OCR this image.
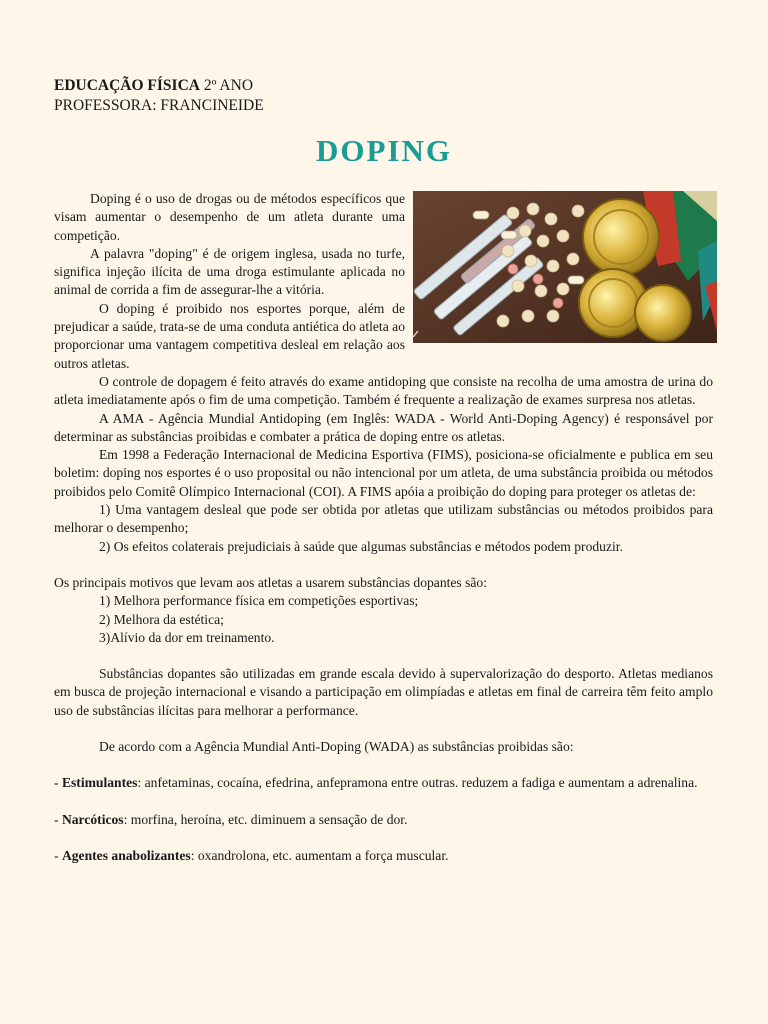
EDUCAÇÃO FÍSICA 2º ANO
PROFESSORA: FRANCINEIDE
DOPING

Doping é o uso de drogas ou de métodos específicos que visam aumentar o desempenho de um atleta durante uma competição.

A palavra "doping" é de origem inglesa, usada no turfe, significa injeção ilícita de uma droga estimulante aplicada no animal de corrida a fim de assegurar-lhe a vitória.

O doping é proibido nos esportes porque, além de prejudicar a saúde, trata-se de uma conduta antiética do atleta ao proporcionar uma vantagem competitiva desleal em relação aos outros atletas.

O controle de dopagem é feito através do exame antidoping que consiste na recolha de uma amostra de urina do atleta imediatamente após o fim de uma competição. Também é frequente a realização de exames surpresa nos atletas.

A AMA - Agência Mundial Antidoping (em Inglês: WADA - World Anti-Doping Agency) é responsável por determinar as substâncias proibidas e combater a prática de doping entre os atletas.

Em 1998 a Federação Internacional de Medicina Esportiva (FIMS), posiciona-se oficialmente e publica em seu boletim: doping nos esportes é o uso proposital ou não intencional por um atleta, de uma substância proibida ou métodos proibidos pelo Comitê Olímpico Internacional (COI). A FIMS apóia a proibição do doping para proteger os atletas de:

1) Uma vantagem desleal que pode ser obtida por atletas que utilizam substâncias ou métodos proibidos para melhorar o desempenho;

2) Os efeitos colaterais prejudiciais à saúde que algumas substâncias e métodos podem produzir.

Os principais motivos que levam aos atletas a usarem substâncias dopantes são:

1) Melhora performance física em competições esportivas;

2) Melhora da estética;

3)Alívio da dor em treinamento.

Substâncias dopantes são utilizadas em grande escala devido à supervalorização do desporto. Atletas medianos em busca de projeção internacional e visando a participação em olimpíadas e atletas em final de carreira têm feito amplo uso de substâncias ilícitas para melhorar a performance.

De acordo com a Agência Mundial Anti-Doping (WADA) as substâncias proibidas são:

- Estimulantes: anfetaminas, cocaína, efedrina, anfepramona entre outras. reduzem a fadiga e aumentam a adrenalina.

- Narcóticos: morfina, heroína, etc. diminuem a sensação de dor.

- Agentes anabolizantes: oxandrolona, etc. aumentam a força muscular.
